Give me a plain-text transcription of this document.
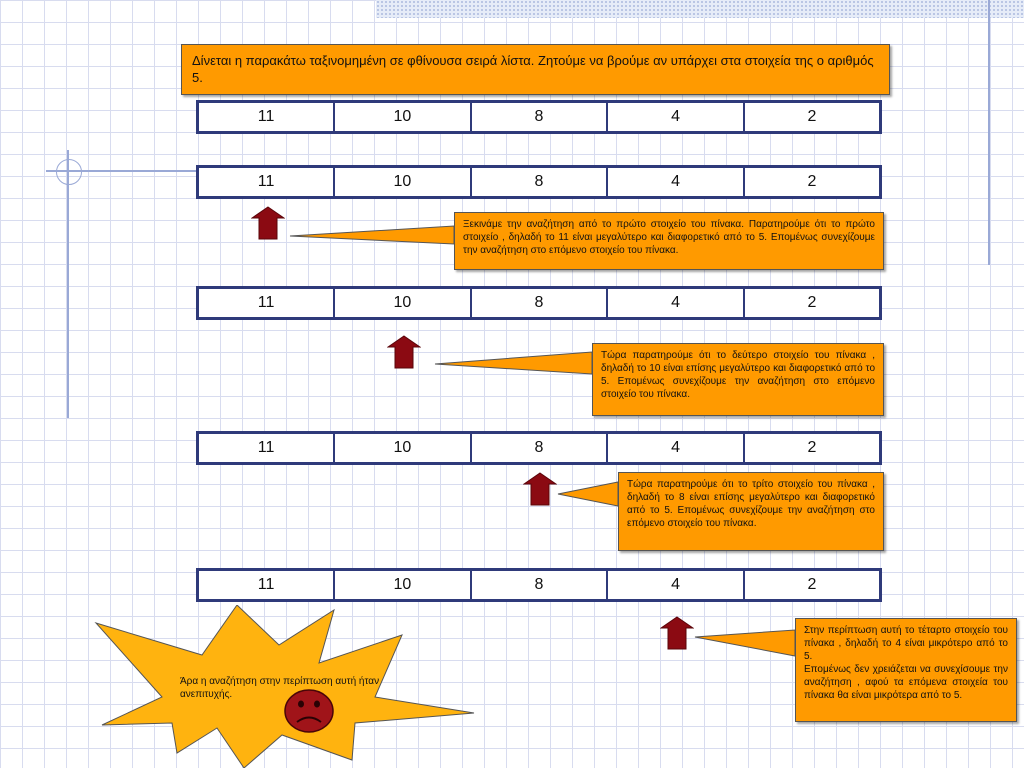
Δίνεται η παρακάτω ταξινομημένη σε φθίνουσα σειρά λίστα. Ζητούμε να βρούμε αν υπάρχει στα στοιχεία της ο αριθμός 5.
11	10	8	4	2
11	10	8	4	2
11	10	8	4	2
11	10	8	4	2
11	10	8	4	2
Ξεκινάμε την αναζήτηση από το πρώτο στοιχείο του πίνακα. Παρατηρούμε ότι το πρώτο στοιχείο , δηλαδή το 11 είναι μεγαλύτερο και διαφορετικό από το 5. Επομένως συνεχίζουμε την αναζήτηση στο επόμενο στοιχείο του πίνακα.
Τώρα παρατηρούμε ότι το δεύτερο στοιχείο του πίνακα , δηλαδή το 10 είναι επίσης μεγαλύτερο και διαφορετικό από το 5. Επομένως συνεχίζουμε την αναζήτηση στο επόμενο στοιχείο του πίνακα.
Τώρα παρατηρούμε ότι το τρίτο στοιχείο του πίνακα , δηλαδή το 8 είναι επίσης μεγαλύτερο και διαφορετικό από το 5. Επομένως συνεχίζουμε την αναζήτηση στο επόμενο στοιχείο του πίνακα.
Στην περίπτωση αυτή το τέταρτο στοιχείο του πίνακα , δηλαδή το 4 είναι μικρότερο από το 5.
Επομένως δεν χρειάζεται να συνεχίσουμε την αναζήτηση , αφού τα επόμενα στοιχεία του πίνακα θα είναι μικρότερα από το 5.
Άρα η αναζήτηση στην περίπτωση αυτή ήταν ανεπιτυχής.
